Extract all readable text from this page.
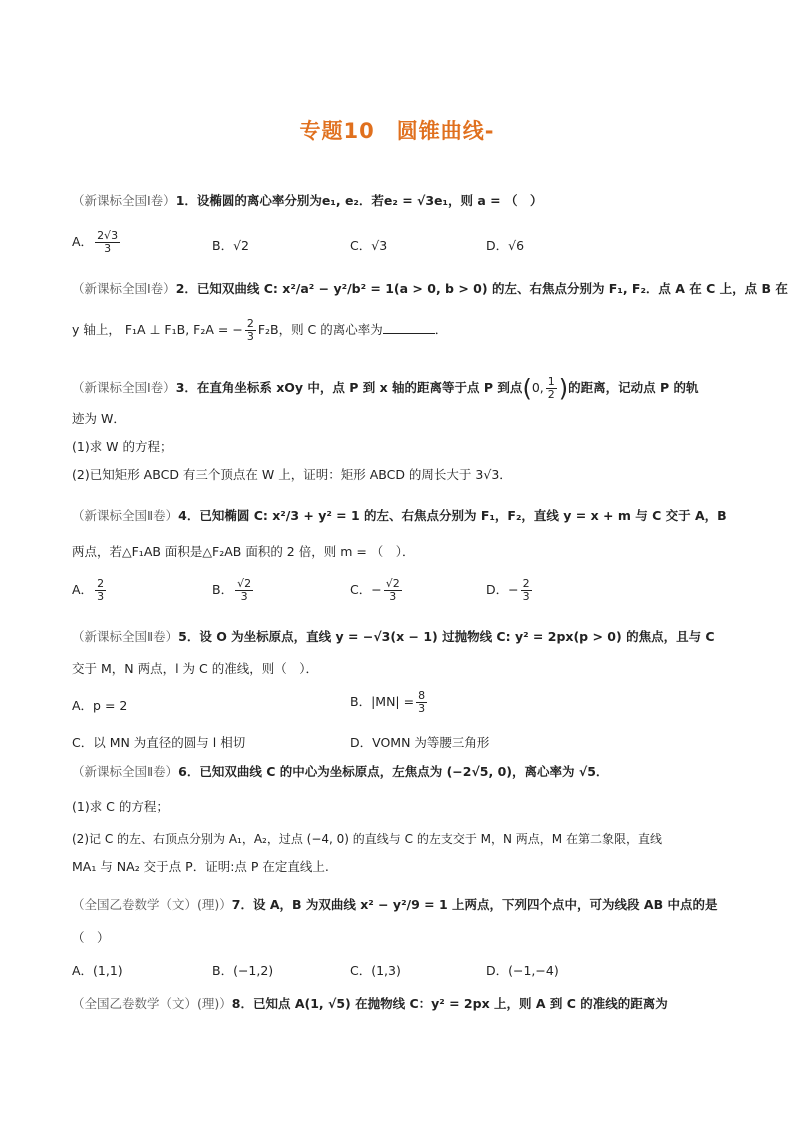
专题10　圆锥曲线-
（新课标全国Ⅰ卷）1．设椭圆的离心率分别为e₁, e₂．若e₂ = √3e₁，则 a = （　）
A． $\frac{2√3}{3}$	B．√2	C．√3	D．√6
（新课标全国Ⅰ卷）2．已知双曲线 C: x²/a² − y²/b² = 1(a > 0, b > 0) 的左、右焦点分别为 F₁, F₂．点 A 在 C 上，点 B 在
y 轴上， F₁A ⊥ F₁B, F₂A = − $\frac{2}{3} F_2B$，则 C 的离心率为	．
（新课标全国Ⅰ卷）3．在直角坐标系 xOy 中，点 P 到 x 轴的距离等于点 P 到点(0, $\frac{1}{2}$ )的距离，记动点 P 的轨
迹为 W．
(1)求 W 的方程；
(2)已知矩形 ABCD 有三个顶点在 W 上，证明：矩形 ABCD 的周长大于 3√3．
（新课标全国Ⅱ卷）4．已知椭圆 C: x²/3 + y² = 1 的左、右焦点分别为 F₁，F₂，直线 y = x + m 与 C 交于 A，B
两点，若△F₁AB 面积是△F₂AB 面积的 2 倍，则 m = （　）．
A． $\frac{2}{3}$	B． $\frac{√2}{3}$	C．− $\frac{√2}{3}$	D．− $\frac{2}{3}$
（新课标全国Ⅱ卷）5．设 O 为坐标原点，直线 y = −√3(x − 1) 过抛物线 C: y² = 2px(p > 0) 的焦点，且与 C
交于 M，N 两点，l 为 C 的准线，则（　）．
A．p = 2	B．$|MN| = \frac{8}{3}$
C．以 MN 为直径的圆与 l 相切	D．VOMN 为等腰三角形
（新课标全国Ⅱ卷）6．已知双曲线 C 的中心为坐标原点，左焦点为 (−2√5, 0)，离心率为 √5．
(1)求 C 的方程；
(2)记 C 的左、右顶点分别为 A₁，A₂，过点 (−4, 0) 的直线与 C 的左支交于 M，N 两点，M 在第二象限，直线
MA₁ 与 NA₂ 交于点 P．证明:点 P 在定直线上.
（全国乙卷数学（文）(理)）7．设 A，B 为双曲线 x² − y²/9 = 1 上两点，下列四个点中，可为线段 AB 中点的是
（　）
A．(1,1)	B．(−1,2)	C．(1,3)	D．(−1,−4)
（全国乙卷数学（文）(理)）8．已知点 A(1, √5) 在抛物线 C：y² = 2px 上，则 A 到 C 的准线的距离为
